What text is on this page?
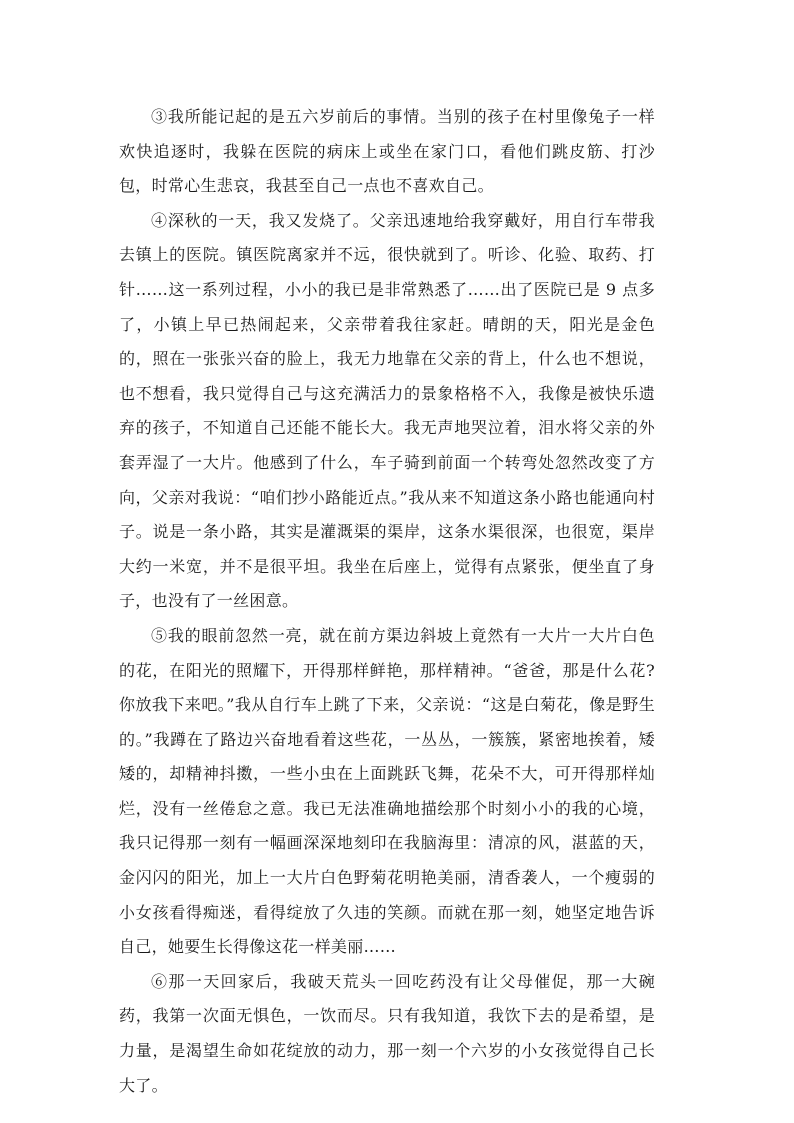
③我所能记起的是五六岁前后的事情。当别的孩子在村里像兔子一样欢快追逐时，我躲在医院的病床上或坐在家门口，看他们跳皮筋、打沙包，时常心生悲哀，我甚至自己一点也不喜欢自己。

④深秋的一天，我又发烧了。父亲迅速地给我穿戴好，用自行车带我去镇上的医院。镇医院离家并不远，很快就到了。听诊、化验、取药、打针……这一系列过程，小小的我已是非常熟悉了……出了医院已是 9 点多了，小镇上早已热闹起来，父亲带着我往家赶。晴朗的天，阳光是金色的，照在一张张兴奋的脸上，我无力地靠在父亲的背上，什么也不想说，也不想看，我只觉得自己与这充满活力的景象格格不入，我像是被快乐遗弃的孩子，不知道自己还能不能长大。我无声地哭泣着，泪水将父亲的外套弄湿了一大片。他感到了什么，车子骑到前面一个转弯处忽然改变了方向，父亲对我说：“咱们抄小路能近点。”我从来不知道这条小路也能通向村子。说是一条小路，其实是灌溉渠的渠岸，这条水渠很深，也很宽，渠岸大约一米宽，并不是很平坦。我坐在后座上，觉得有点紧张，便坐直了身子，也没有了一丝困意。

⑤我的眼前忽然一亮，就在前方渠边斜坡上竟然有一大片一大片白色的花，在阳光的照耀下，开得那样鲜艳，那样精神。“爸爸，那是什么花?你放我下来吧。”我从自行车上跳了下来，父亲说：“这是白菊花，像是野生的。”我蹲在了路边兴奋地看着这些花，一丛丛，一簇簇，紧密地挨着，矮矮的，却精神抖擞，一些小虫在上面跳跃飞舞，花朵不大，可开得那样灿烂，没有一丝倦怠之意。我已无法准确地描绘那个时刻小小的我的心境，我只记得那一刻有一幅画深深地刻印在我脑海里：清凉的风，湛蓝的天，金闪闪的阳光，加上一大片白色野菊花明艳美丽，清香袭人，一个瘦弱的小女孩看得痴迷，看得绽放了久违的笑颜。而就在那一刻，她坚定地告诉自己，她要生长得像这花一样美丽……

⑥那一天回家后，我破天荒头一回吃药没有让父母催促，那一大碗药，我第一次面无惧色，一饮而尽。只有我知道，我饮下去的是希望，是力量，是渴望生命如花绽放的动力，那一刻一个六岁的小女孩觉得自己长大了。
